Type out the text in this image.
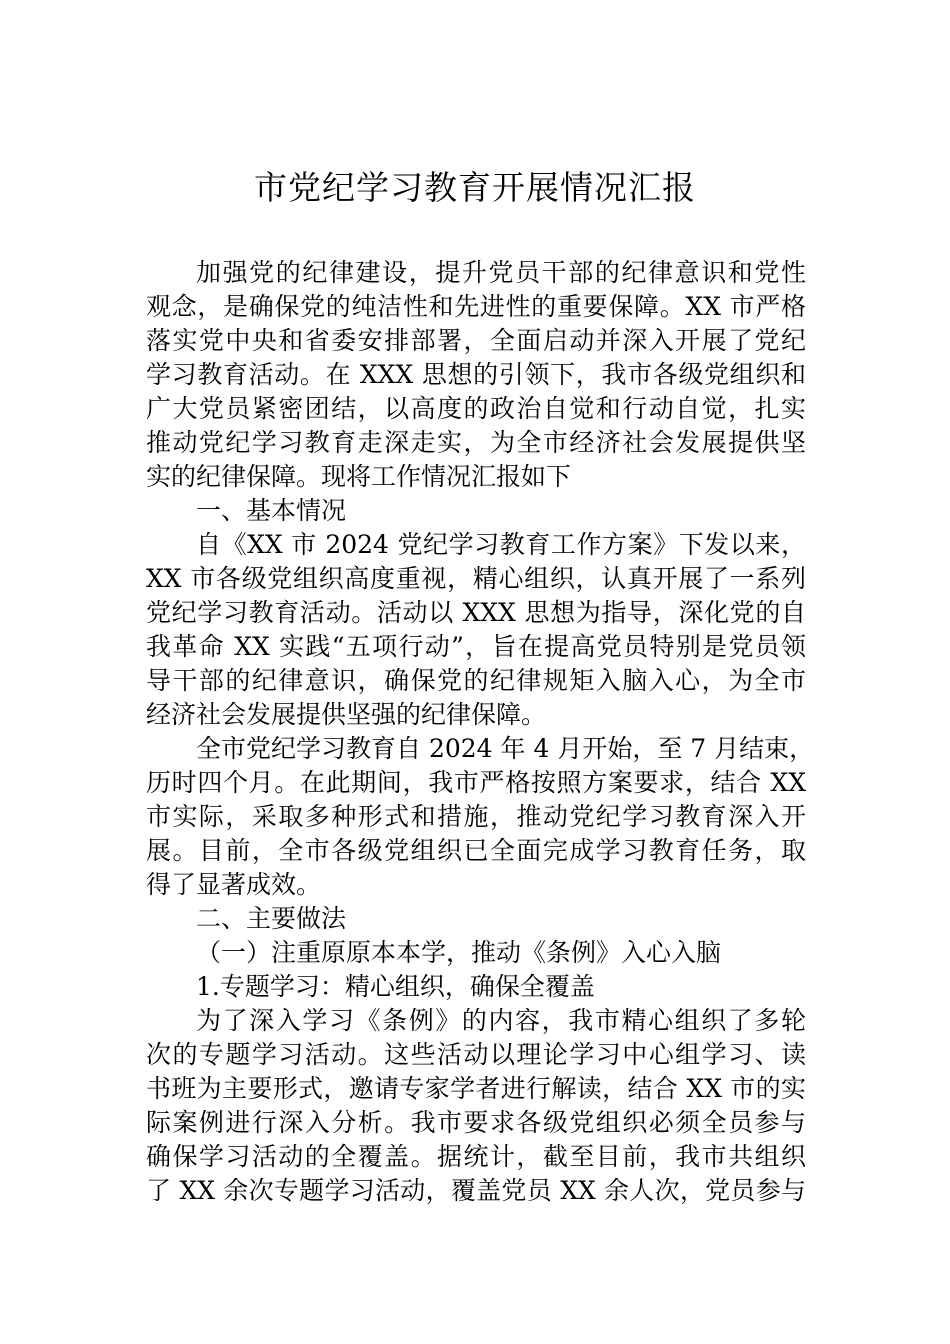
市党纪学习教育开展情况汇报
加强党的纪律建设，提升党员干部的纪律意识和党性
观念，是确保党的纯洁性和先进性的重要保障。XX 市严格
落实党中央和省委安排部署，全面启动并深入开展了党纪
学习教育活动。在 XXX 思想的引领下，我市各级党组织和
广大党员紧密团结，以高度的政治自觉和行动自觉，扎实
推动党纪学习教育走深走实，为全市经济社会发展提供坚
实的纪律保障。现将工作情况汇报如下
一、基本情况
自《XX 市 2024 党纪学习教育工作方案》下发以来，
XX 市各级党组织高度重视，精心组织，认真开展了一系列
党纪学习教育活动。活动以 XXX 思想为指导，深化党的自
我革命 XX 实践“五项行动”，旨在提高党员特别是党员领
导干部的纪律意识，确保党的纪律规矩入脑入心，为全市
经济社会发展提供坚强的纪律保障。
全市党纪学习教育自 2024 年 4 月开始，至 7 月结束，
历时四个月。在此期间，我市严格按照方案要求，结合 XX
市实际，采取多种形式和措施，推动党纪学习教育深入开
展。目前，全市各级党组织已全面完成学习教育任务，取
得了显著成效。
二、主要做法
（一）注重原原本本学，推动《条例》入心入脑
1.专题学习：精心组织，确保全覆盖
为了深入学习《条例》的内容，我市精心组织了多轮
次的专题学习活动。这些活动以理论学习中心组学习、读
书班为主要形式，邀请专家学者进行解读，结合 XX 市的实
际案例进行深入分析。我市要求各级党组织必须全员参与
确保学习活动的全覆盖。据统计，截至目前，我市共组织
了 XX 余次专题学习活动，覆盖党员 XX 余人次，党员参与
